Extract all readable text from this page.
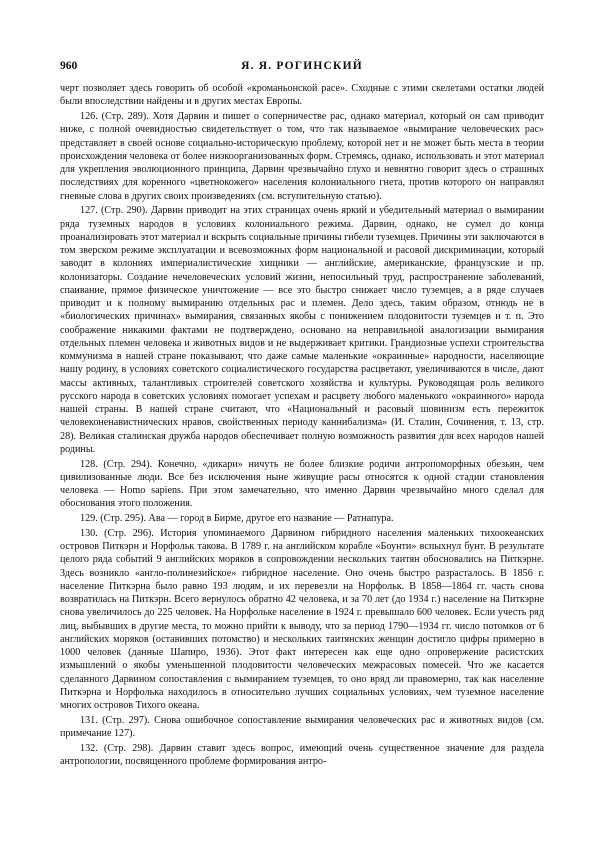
960	Я. Я. РОГИНСКИЙ

черт позволяет здесь говорить об особой «кроманьонской расе». Сходные с этими скелетами остатки людей были впоследствии найдены и в других местах Европы.

126. (Стр. 289). Хотя Дарвин и пишет о соперничестве рас, однако материал, который он сам приводит ниже, с полной очевидностью свидетельствует о том, что так называемое «вымирание человеческих рас» представляет в своей основе социально-историческую проблему, которой нет и не может быть места в теории происхождения человека от более низкоорганизованных форм. Стремясь, однако, использовать и этот материал для укрепления эволюционного принципа, Дарвин чрезвычайно глухо и невнятно говорит здесь о страшных последствиях для коренного «цветнокожего» населения колониального гнета, против которого он направлял гневные слова в других своих произведениях (см. вступительную статью).

127. (Стр. 290). Дарвин приводит на этих страницах очень яркий и убедительный материал о вымирании ряда туземных народов в условиях колониального режима. Дарвин, однако, не сумел до конца проанализировать этот материал и вскрыть социальные причины гибели туземцев. Причины эти заключаются в том зверском режиме эксплуатации и всевозможных форм национальной и расовой дискриминации, который заводят в колониях империалистические хищники — английские, американские, французские и пр. колонизаторы. Создание нечеловеческих условий жизни, непосильный труд, распространение заболеваний, спаивание, прямое физическое уничтожение — все это быстро снижает число туземцев, а в ряде случаев приводит и к полному вымиранию отдельных рас и племен. Дело здесь, таким образом, отнюдь не в «биологических причинах» вымирания, связанных якобы с понижением плодовитости туземцев и т. п. Это соображение никакими фактами не подтверждено, основано на неправильной аналогизации вымирания отдельных племен человека и животных видов и не выдерживает критики. Грандиозные успехи строительства коммунизма в нашей стране показывают, что даже самые маленькие «окраинные» народности, населяющие нашу родину, в условиях советского социалистического государства расцветают, увеличиваются в числе, дают массы активных, талантливых строителей советского хозяйства и культуры. Руководящая роль великого русского народа в советских условиях помогает успехам и расцвету любого маленького «окраинного» народа нашей страны. В нашей стране считают, что «Национальный и расовый шовинизм есть пережиток человеконенавистнических нравов, свойственных периоду каннибализма» (И. Сталин, Сочинения, т. 13, стр. 28). Великая сталинская дружба народов обеспечивает полную возможность развития для всех народов нашей родины.

128. (Стр. 294). Конечно, «дикари» ничуть не более близкие родичи антропоморфных обезьян, чем цивилизованные люди. Все без исключения ныне живущие расы относятся к одной стадии становления человека — Homo sapiens. При этом замечательно, что именно Дарвин чрезвычайно много сделал для обоснования этого положения.

129. (Стр. 295). Ава — город в Бирме, другое его название — Ратнапура.

130. (Стр. 296). История упоминаемого Дарвином гибридного населения маленьких тихоокеанских островов Питкэрн и Норфольк такова. В 1789 г. на английском корабле «Боунти» вспыхнул бунт. В результате целого ряда событий 9 английских моряков в сопровождении нескольких таитян обосновались на Питкэрне. Здесь возникло «англо-полинезийское» гибридное население. Оно очень быстро разрасталось. В 1856 г. население Питкэрна было равно 193 людям, и их перевезли на Норфольк. В 1858—1864 гг. часть снова возвратилась на Питкэрн. Всего вернулось обратно 42 человека, и за 70 лет (до 1934 г.) население на Питкэрне снова увеличилось до 225 человек. На Норфольке население в 1924 г. превышало 600 человек. Если учесть ряд лиц, выбывших в другие места, то можно прийти к выводу, что за период 1790—1934 гг. число потомков от 6 английских моряков (оставивших потомство) и нескольких таитянских женщин достигло цифры примерно в 1000 человек (данные Шапиро, 1936). Этот факт интересен как еще одно опровержение расистских измышлений о якобы уменьшенной плодовитости человеческих межрасовых помесей. Что же касается сделанного Дарвином сопоставления с вымиранием туземцев, то оно вряд ли правомерно, так как население Питкэрна и Норфолька находилось в относительно лучших социальных условиях, чем туземное население многих островов Тихого океана.

131. (Стр. 297). Снова ошибочное сопоставление вымирания человеческих рас и животных видов (см. примечание 127).

132. (Стр. 298). Дарвин ставит здесь вопрос, имеющий очень существенное значение для раздела антропологии, посвященного проблеме формирования антро-
